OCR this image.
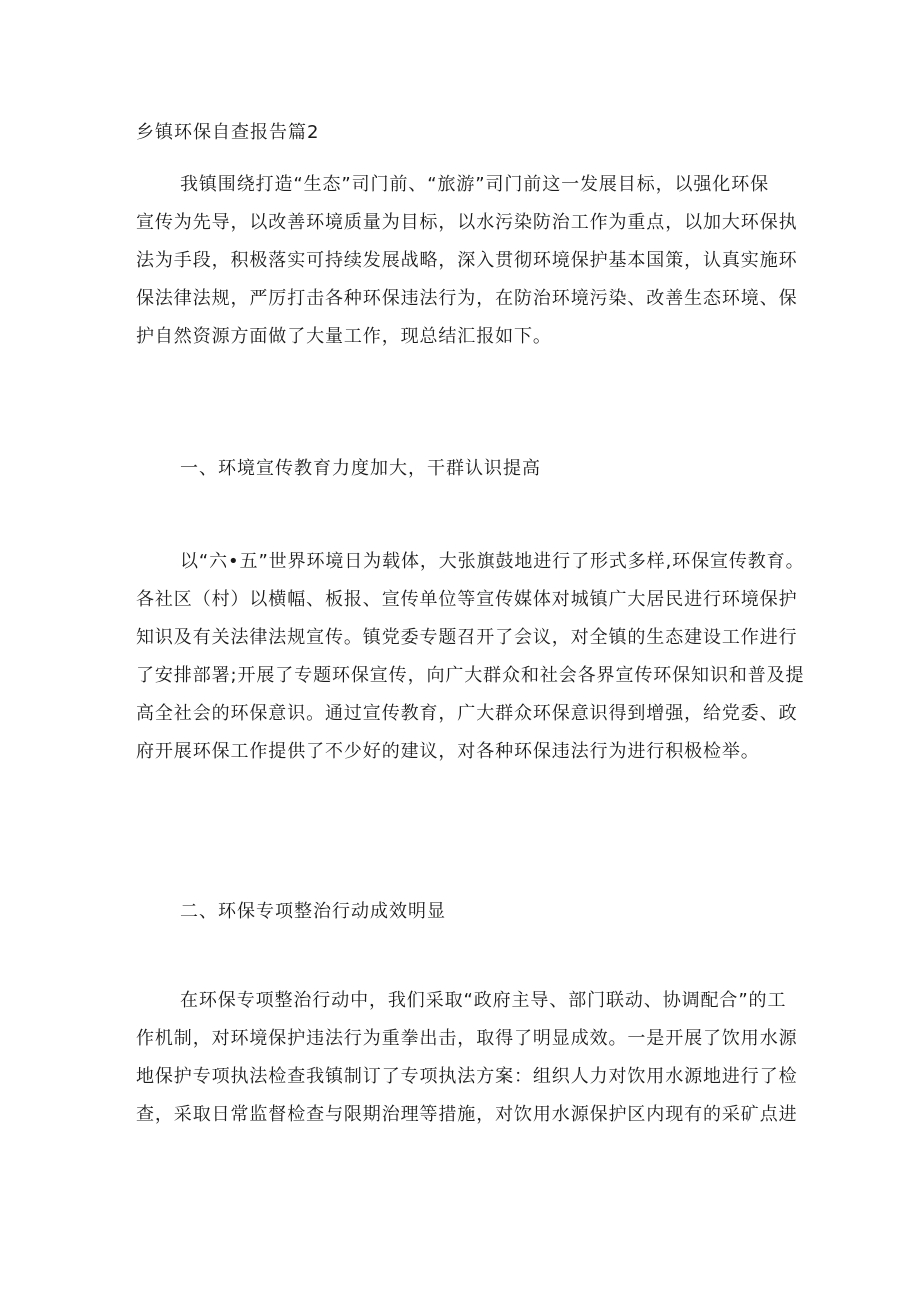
乡镇环保自查报告篇2
我镇围绕打造“生态”司门前、“旅游”司门前这一发展目标，以强化环保
宣传为先导，以改善环境质量为目标，以水污染防治工作为重点，以加大环保执
法为手段，积极落实可持续发展战略，深入贯彻环境保护基本国策，认真实施环
保法律法规，严厉打击各种环保违法行为，在防治环境污染、改善生态环境、保
护自然资源方面做了大量工作，现总结汇报如下。
一、环境宣传教育力度加大，干群认识提高
以“六•五”世界环境日为载体，大张旗鼓地进行了形式多样,环保宣传教育。
各社区（村）以横幅、板报、宣传单位等宣传媒体对城镇广大居民进行环境保护
知识及有关法律法规宣传。镇党委专题召开了会议，对全镇的生态建设工作进行
了安排部署;开展了专题环保宣传，向广大群众和社会各界宣传环保知识和普及提
高全社会的环保意识。通过宣传教育，广大群众环保意识得到增强，给党委、政
府开展环保工作提供了不少好的建议，对各种环保违法行为进行积极检举。
二、环保专项整治行动成效明显
在环保专项整治行动中，我们采取“政府主导、部门联动、协调配合”的工
作机制，对环境保护违法行为重拳出击，取得了明显成效。一是开展了饮用水源
地保护专项执法检查我镇制订了专项执法方案：组织人力对饮用水源地进行了检
查，采取日常监督检查与限期治理等措施，对饮用水源保护区内现有的采矿点进
